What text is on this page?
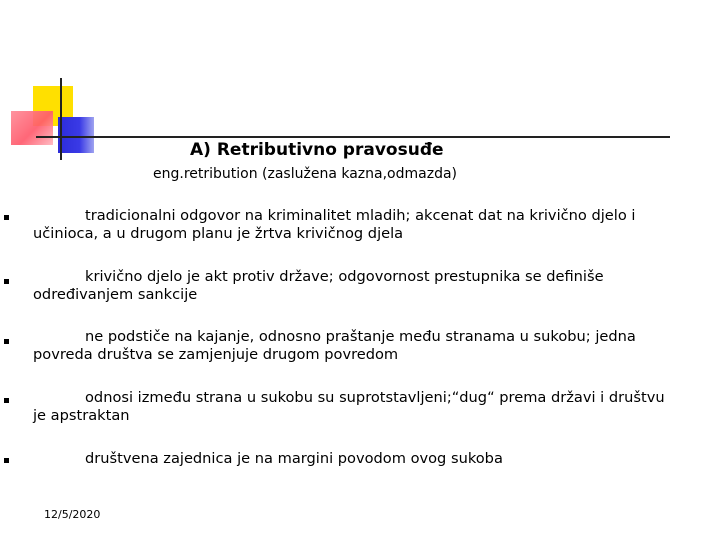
A) Retributivno pravosuđe
eng.retribution (zaslužena kazna,odmazda)
tradicionalni odgovor na kriminalitet mladih; akcenat dat na krivično djelo i učinioca, a u drugom planu je žrtva krivičnog djela
krivično djelo je akt protiv države; odgovornost prestupnika se definiše određivanjem sankcije
ne podstiče na kajanje, odnosno praštanje među stranama u sukobu; jedna povreda društva se zamjenjuje drugom povredom
odnosi između strana u sukobu su suprotstavljeni;“dug“ prema državi i društvu je apstraktan
društvena zajednica je na margini povodom ovog sukoba
12/5/2020
